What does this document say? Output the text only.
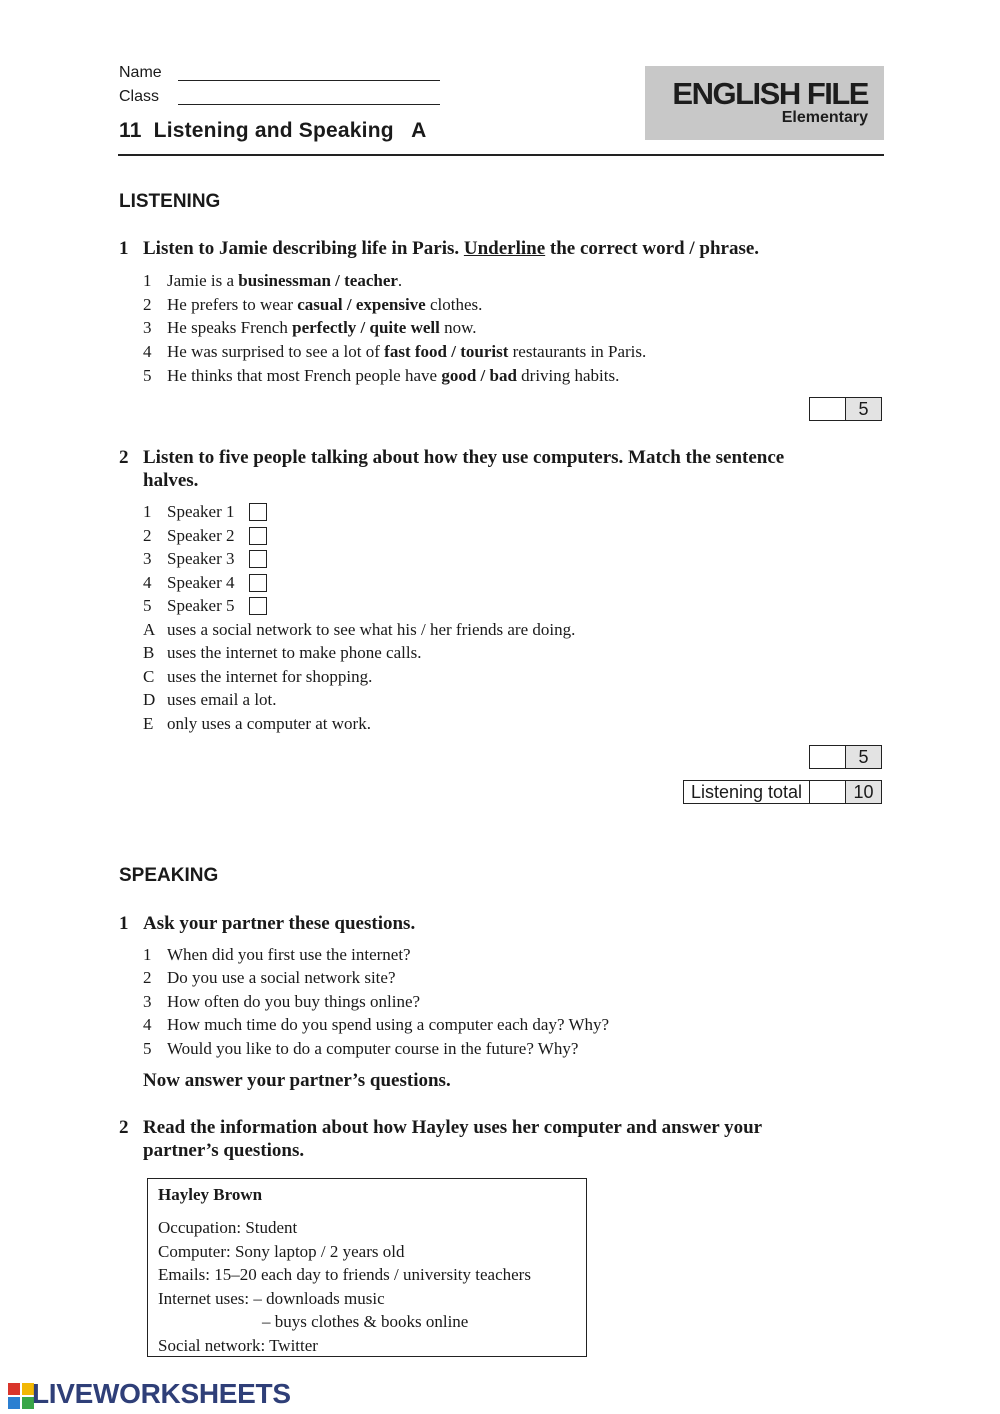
Name
Class
11  Listening and Speaking   A
ENGLISH FILE
Elementary
LISTENING
1 Listen to Jamie describing life in Paris. Underline the correct word / phrase.
1 Jamie is a businessman / teacher.
2 He prefers to wear casual / expensive clothes.
3 He speaks French perfectly / quite well now.
4 He was surprised to see a lot of fast food / tourist restaurants in Paris.
5 He thinks that most French people have good / bad driving habits.
5
2 Listen to five people talking about how they use computers. Match the sentence
halves.
1 Speaker 1
2 Speaker 2
3 Speaker 3
4 Speaker 4
5 Speaker 5
A uses a social network to see what his / her friends are doing.
B uses the internet to make phone calls.
C uses the internet for shopping.
D uses email a lot.
E only uses a computer at work.
5
Listening total	10
SPEAKING
1 Ask your partner these questions.
1 When did you first use the internet?
2 Do you use a social network site?
3 How often do you buy things online?
4 How much time do you spend using a computer each day? Why?
5 Would you like to do a computer course in the future? Why?
Now answer your partner’s questions.
2 Read the information about how Hayley uses her computer and answer your
partner’s questions.
Hayley Brown
Occupation: Student
Computer: Sony laptop / 2 years old
Emails: 15–20 each day to friends / university teachers
Internet uses: – downloads music
– buys clothes & books online
Social network: Twitter
LIVEWORKSHEETS
